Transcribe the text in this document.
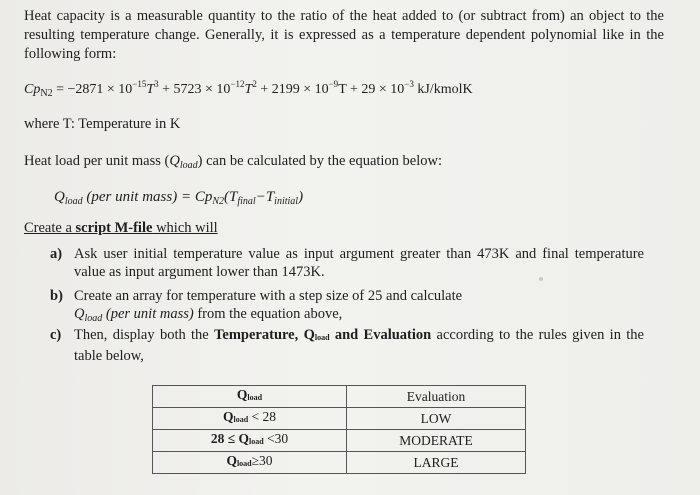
Heat capacity is a measurable quantity to the ratio of the heat added to (or subtract from) an object to the resulting temperature change. Generally, it is expressed as a temperature dependent polynomial like in the following form:
$Cp_{N2} = -2871 \times 10^{-15}T^3 + 5723 \times 10^{-12}T^2 + 2199 \times 10^{-9}T + 29 \times 10^{-3}$ kJ/kmolK
where T: Temperature in K
Heat load per unit mass $(Q_{load})$ can be calculated by the equation below:
$Q_{load}$ (per unit mass) = $Cp_{N2}(T_{final}-T_{initial})$
Create a script M-file which will
a) Ask user initial temperature value as input argument greater than 473K and final temperature value as input argument lower than 1473K.
b) Create an array for temperature with a step size of 25 and calculate
$Q_{load}$ (per unit mass) from the equation above,
c) Then, display both the Temperature, Qload and Evaluation according to the rules given in the table below,
Qload	Evaluation
Qload < 28	LOW
28 ≤ Qload <30	MODERATE
Qload≥30	LARGE
